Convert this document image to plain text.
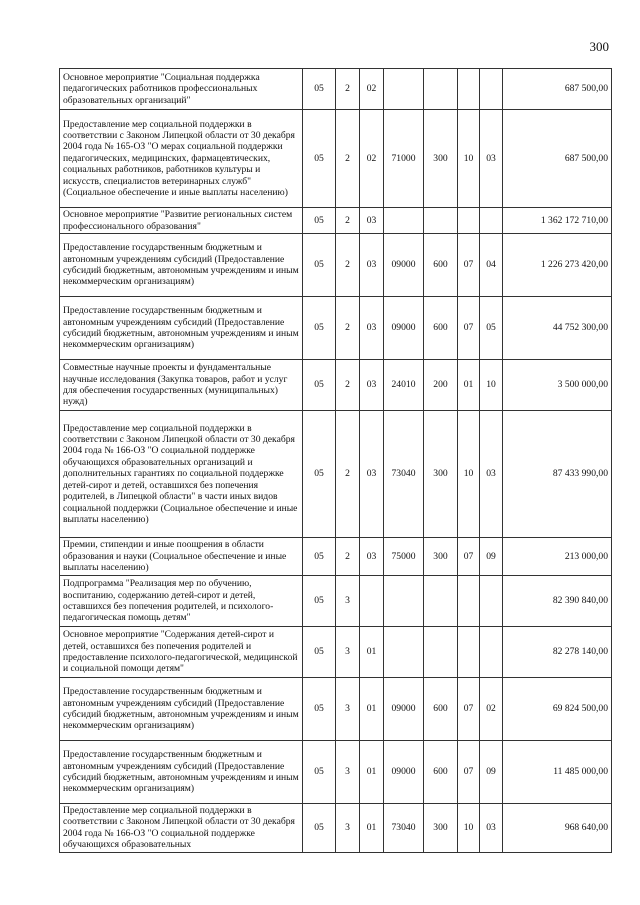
300
Основное мероприятие "Социальная поддержка педагогических работников профессиональных образовательных организаций"	05	2	02					687 500,00
Предоставление мер социальной поддержки в соответствии с Законом Липецкой области от 30 декабря 2004 года № 165-ОЗ "О мерах социальной поддержки педагогических, медицинских, фармацевтических, социальных работников, работников культуры и искусств, специалистов ветеринарных служб" (Социальное обеспечение и иные выплаты населению)	05	2	02	71000	300	10	03	687 500,00
Основное мероприятие "Развитие региональных систем профессионального образования"	05	2	03					1 362 172 710,00
Предоставление государственным бюджетным и автономным учреждениям субсидий (Предоставление субсидий бюджетным, автономным учреждениям и иным некоммерческим организациям)	05	2	03	09000	600	07	04	1 226 273 420,00
Предоставление государственным бюджетным и автономным учреждениям субсидий (Предоставление субсидий бюджетным, автономным учреждениям и иным некоммерческим организациям)	05	2	03	09000	600	07	05	44 752 300,00
Совместные научные проекты и фундаментальные научные исследования (Закупка товаров, работ и услуг для обеспечения государственных (муниципальных) нужд)	05	2	03	24010	200	01	10	3 500 000,00
Предоставление мер социальной поддержки в соответствии с Законом Липецкой области от 30 декабря 2004 года № 166-ОЗ "О социальной поддержке обучающихся образовательных организаций и дополнительных гарантиях по социальной поддержке детей-сирот и детей, оставшихся без попечения родителей, в Липецкой области" в части иных видов социальной поддержки (Социальное обеспечение и иные выплаты населению)	05	2	03	73040	300	10	03	87 433 990,00
Премии, стипендии и иные поощрения в области образования и науки (Социальное обеспечение и иные выплаты населению)	05	2	03	75000	300	07	09	213 000,00
Подпрограмма "Реализация мер по обучению, воспитанию, содержанию детей-сирот и детей, оставшихся без попечения родителей, и психолого-педагогическая помощь детям"	05	3						82 390 840,00
Основное мероприятие "Содержания детей-сирот и детей, оставшихся без попечения родителей и предоставление психолого-педагогической, медицинской и социальной помощи детям"	05	3	01					82 278 140,00
Предоставление государственным бюджетным и автономным учреждениям субсидий (Предоставление субсидий бюджетным, автономным учреждениям и иным некоммерческим организациям)	05	3	01	09000	600	07	02	69 824 500,00
Предоставление государственным бюджетным и автономным учреждениям субсидий (Предоставление субсидий бюджетным, автономным учреждениям и иным некоммерческим организациям)	05	3	01	09000	600	07	09	11 485 000,00
Предоставление мер социальной поддержки в соответствии с Законом Липецкой области от 30 декабря 2004 года № 166-ОЗ "О социальной поддержке обучающихся образовательных	05	3	01	73040	300	10	03	968 640,00
